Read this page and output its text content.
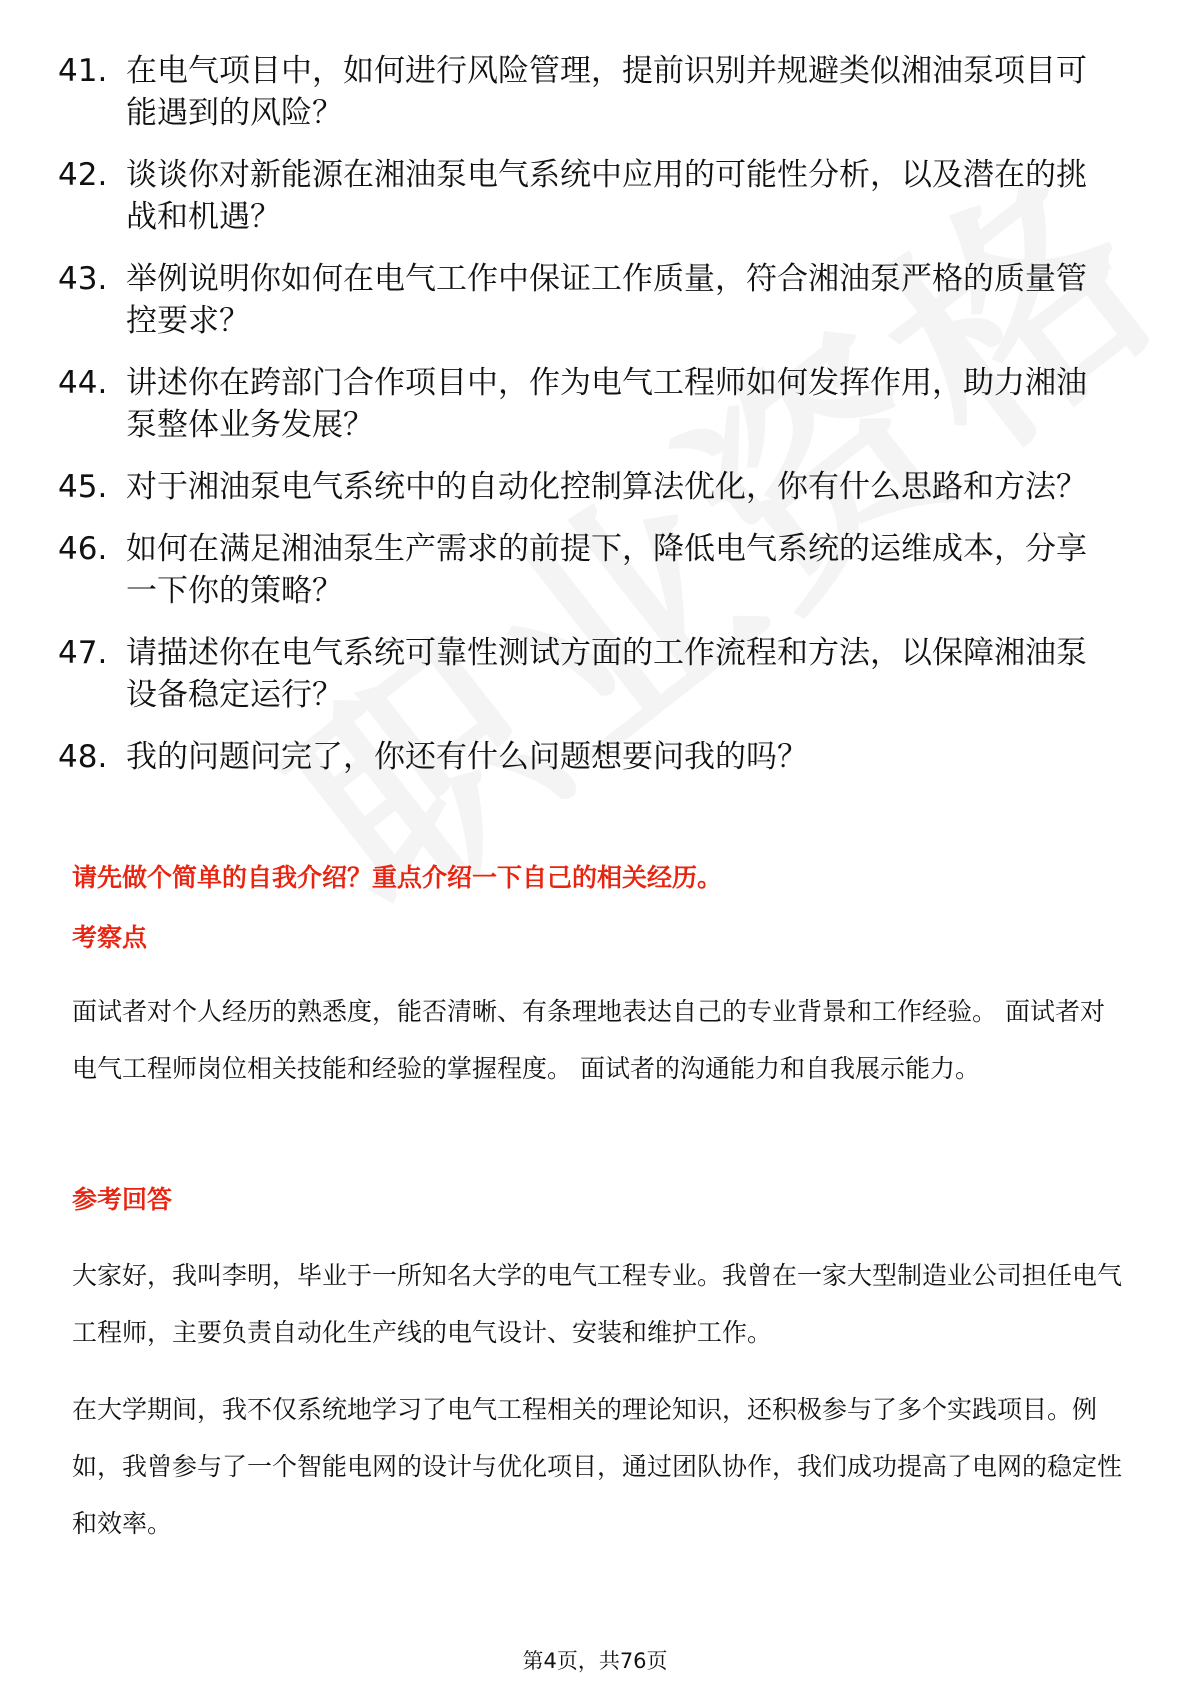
41. 在电气项目中，如何进行风险管理，提前识别并规避类似湘油泵项目可能遇到的风险？
42. 谈谈你对新能源在湘油泵电气系统中应用的可能性分析，以及潜在的挑战和机遇？
43. 举例说明你如何在电气工作中保证工作质量，符合湘油泵严格的质量管控要求？
44. 讲述你在跨部门合作项目中，作为电气工程师如何发挥作用，助力湘油泵整体业务发展？
45. 对于湘油泵电气系统中的自动化控制算法优化，你有什么思路和方法？
46. 如何在满足湘油泵生产需求的前提下，降低电气系统的运维成本，分享一下你的策略？
47. 请描述你在电气系统可靠性测试方面的工作流程和方法，以保障湘油泵设备稳定运行？
48. 我的问题问完了，你还有什么问题想要问我的吗？
请先做个简单的自我介绍？重点介绍一下自己的相关经历。
考察点
面试者对个人经历的熟悉度，能否清晰、有条理地表达自己的专业背景和工作经验。 面试者对电气工程师岗位相关技能和经验的掌握程度。 面试者的沟通能力和自我展示能力。
参考回答
大家好，我叫李明，毕业于一所知名大学的电气工程专业。我曾在一家大型制造业公司担任电气工程师，主要负责自动化生产线的电气设计、安装和维护工作。
在大学期间，我不仅系统地学习了电气工程相关的理论知识，还积极参与了多个实践项目。例如，我曾参与了一个智能电网的设计与优化项目，通过团队协作，我们成功提高了电网的稳定性和效率。
第4页，共76页
